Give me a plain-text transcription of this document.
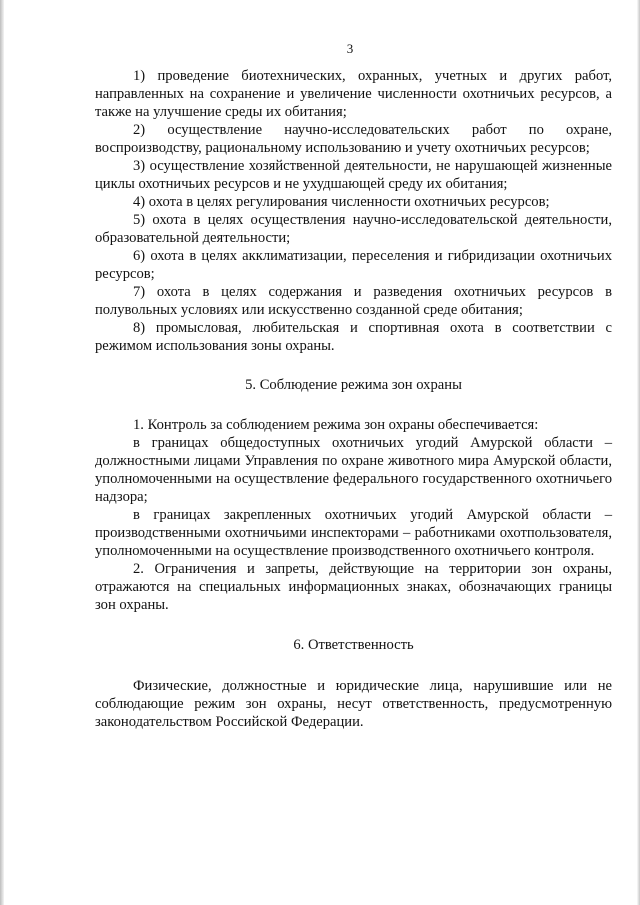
3

1) проведение биотехнических, охранных, учетных и других работ, направленных на сохранение и увеличение численности охотничьих ресурсов, а также на улучшение среды их обитания;

2) осуществление научно-исследовательских работ по охране, воспроизводству, рациональному использованию и учету охотничьих ресурсов;

3) осуществление хозяйственной деятельности, не нарушающей жизненные циклы охотничьих ресурсов и не ухудшающей среду их обитания;

4) охота в целях регулирования численности охотничьих ресурсов;

5) охота в целях осуществления научно-исследовательской деятельности, образовательной деятельности;

6) охота в целях акклиматизации, переселения и гибридизации охотничьих ресурсов;

7) охота в целях содержания и разведения охотничьих ресурсов в полувольных условиях или искусственно созданной среде обитания;

8) промысловая, любительская и спортивная охота в соответствии с режимом использования зоны охраны.

5. Соблюдение режима зон охраны

1. Контроль за соблюдением режима зон охраны обеспечивается:

в границах общедоступных охотничьих угодий Амурской области – должностными лицами Управления по охране животного мира Амурской области, уполномоченными на осуществление федерального государственного охотничьего надзора;

в границах закрепленных охотничьих угодий Амурской области – производственными охотничьими инспекторами – работниками охотпользователя, уполномоченными на осуществление производственного охотничьего контроля.

2. Ограничения и запреты, действующие на территории зон охраны, отражаются на специальных информационных знаках, обозначающих границы зон охраны.

6. Ответственность

Физические, должностные и юридические лица, нарушившие или не соблюдающие режим зон охраны, несут ответственность, предусмотренную законодательством Российской Федерации.
